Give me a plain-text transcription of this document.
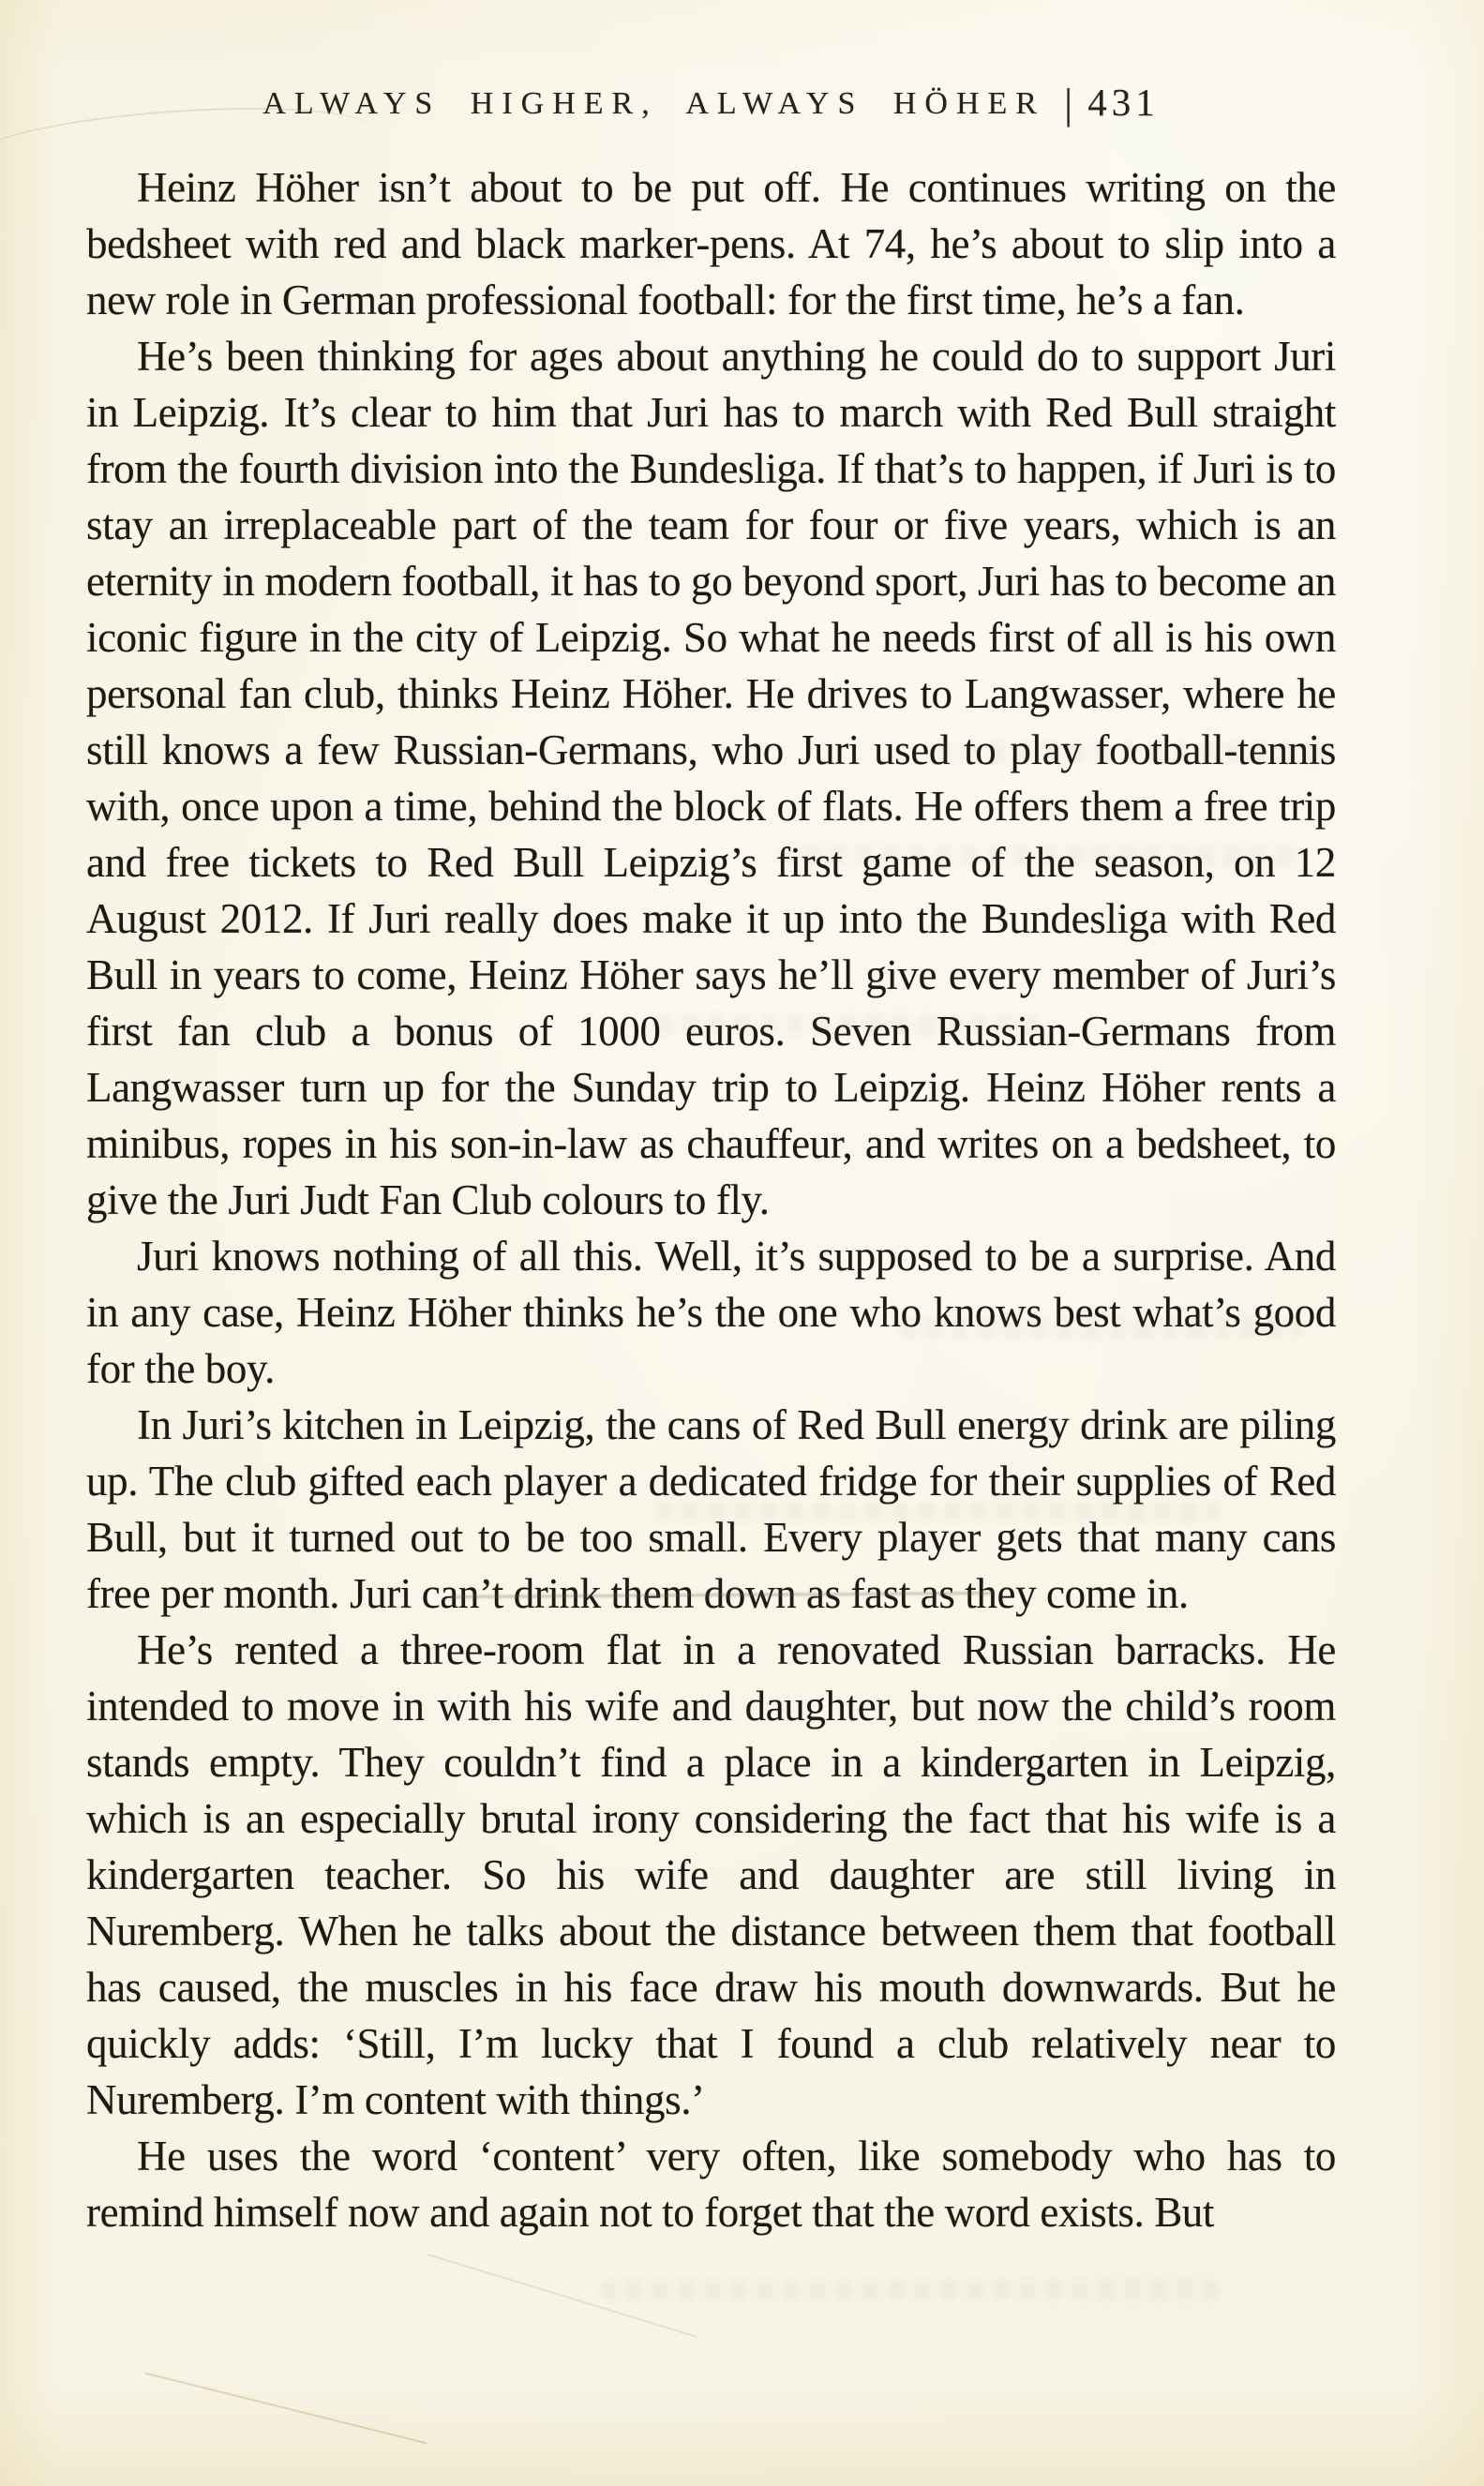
ALWAYS HIGHER, ALWAYS HÖHER | 431

Heinz Höher isn’t about to be put off. He continues writing on the bedsheet with red and black marker-pens. At 74, he’s about to slip into a new role in German professional football: for the first time, he’s a fan.

He’s been thinking for ages about anything he could do to support Juri in Leipzig. It’s clear to him that Juri has to march with Red Bull straight from the fourth division into the Bundesliga. If that’s to happen, if Juri is to stay an irreplaceable part of the team for four or five years, which is an eternity in modern football, it has to go beyond sport, Juri has to become an iconic figure in the city of Leipzig. So what he needs first of all is his own personal fan club, thinks Heinz Höher. He drives to Langwasser, where he still knows a few Russian-Germans, who Juri used to play football-tennis with, once upon a time, behind the block of flats. He offers them a free trip and free tickets to Red Bull Leipzig’s first game of the season, on 12 August 2012. If Juri really does make it up into the Bundesliga with Red Bull in years to come, Heinz Höher says he’ll give every member of Juri’s first fan club a bonus of 1000 euros. Seven Russian-Germans from Langwasser turn up for the Sunday trip to Leipzig. Heinz Höher rents a minibus, ropes in his son-in-law as chauffeur, and writes on a bedsheet, to give the Juri Judt Fan Club colours to fly.

Juri knows nothing of all this. Well, it’s supposed to be a surprise. And in any case, Heinz Höher thinks he’s the one who knows best what’s good for the boy.

In Juri’s kitchen in Leipzig, the cans of Red Bull energy drink are piling up. The club gifted each player a dedicated fridge for their supplies of Red Bull, but it turned out to be too small. Every player gets that many cans free per month. Juri can’t drink them down as fast as they come in.

He’s rented a three-room flat in a renovated Russian barracks. He intended to move in with his wife and daughter, but now the child’s room stands empty. They couldn’t find a place in a kindergarten in Leipzig, which is an especially brutal irony considering the fact that his wife is a kindergarten teacher. So his wife and daughter are still living in Nuremberg. When he talks about the distance between them that football has caused, the muscles in his face draw his mouth downwards. But he quickly adds: ‘Still, I’m lucky that I found a club relatively near to Nuremberg. I’m content with things.’

He uses the word ‘content’ very often, like somebody who has to remind himself now and again not to forget that the word exists. But
